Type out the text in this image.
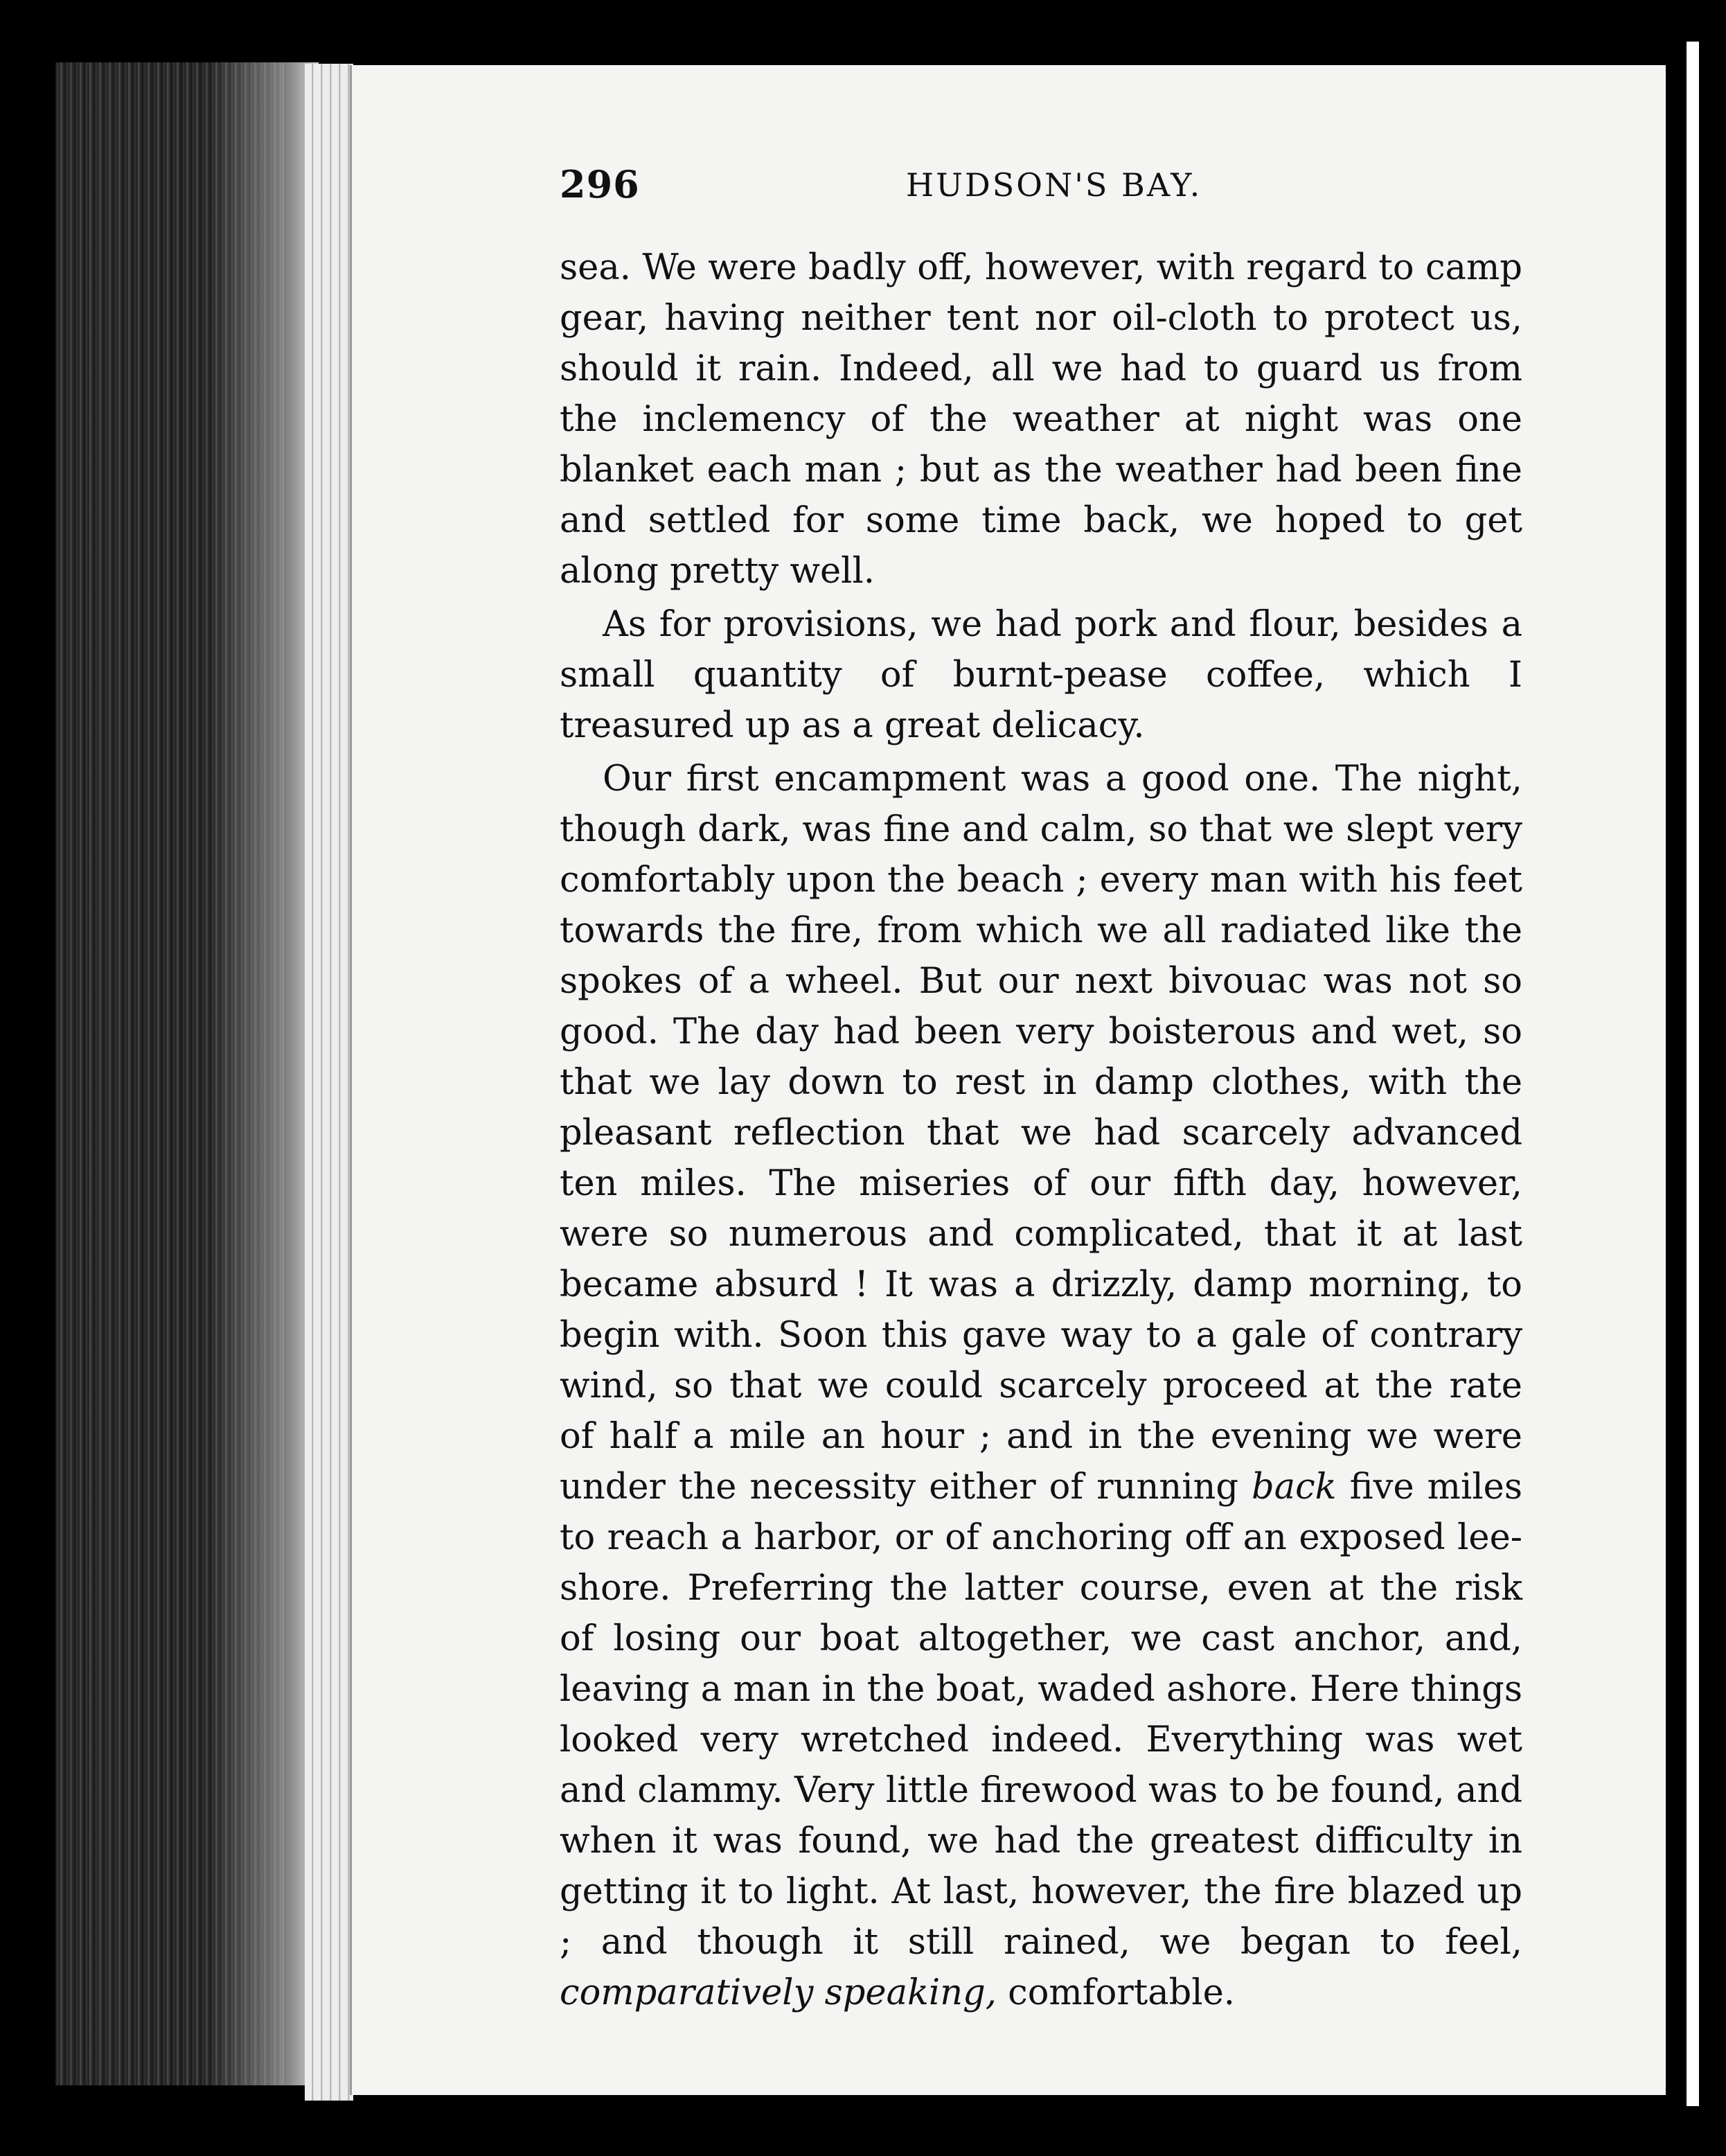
296	HUDSON'S BAY.

sea. We were badly off, however, with regard to camp gear, having neither tent nor oil-cloth to protect us, should it rain. Indeed, all we had to guard us from the inclemency of the weather at night was one blanket each man ; but as the weather had been fine and settled for some time back, we hoped to get along pretty well.

As for provisions, we had pork and flour, besides a small quantity of burnt-pease coffee, which I treasured up as a great delicacy.

Our first encampment was a good one. The night, though dark, was fine and calm, so that we slept very comfortably upon the beach ; every man with his feet towards the fire, from which we all radiated like the spokes of a wheel. But our next bivouac was not so good. The day had been very boisterous and wet, so that we lay down to rest in damp clothes, with the pleasant reflection that we had scarcely advanced ten miles. The miseries of our fifth day, however, were so numerous and complicated, that it at last became absurd ! It was a drizzly, damp morning, to begin with. Soon this gave way to a gale of contrary wind, so that we could scarcely proceed at the rate of half a mile an hour ; and in the evening we were under the necessity either of running back five miles to reach a harbor, or of anchoring off an exposed lee-shore. Preferring the latter course, even at the risk of losing our boat altogether, we cast anchor, and, leaving a man in the boat, waded ashore. Here things looked very wretched indeed. Everything was wet and clammy. Very little firewood was to be found, and when it was found, we had the greatest difficulty in getting it to light. At last, however, the fire blazed up ; and though it still rained, we began to feel, comparatively speaking, comfortable.
